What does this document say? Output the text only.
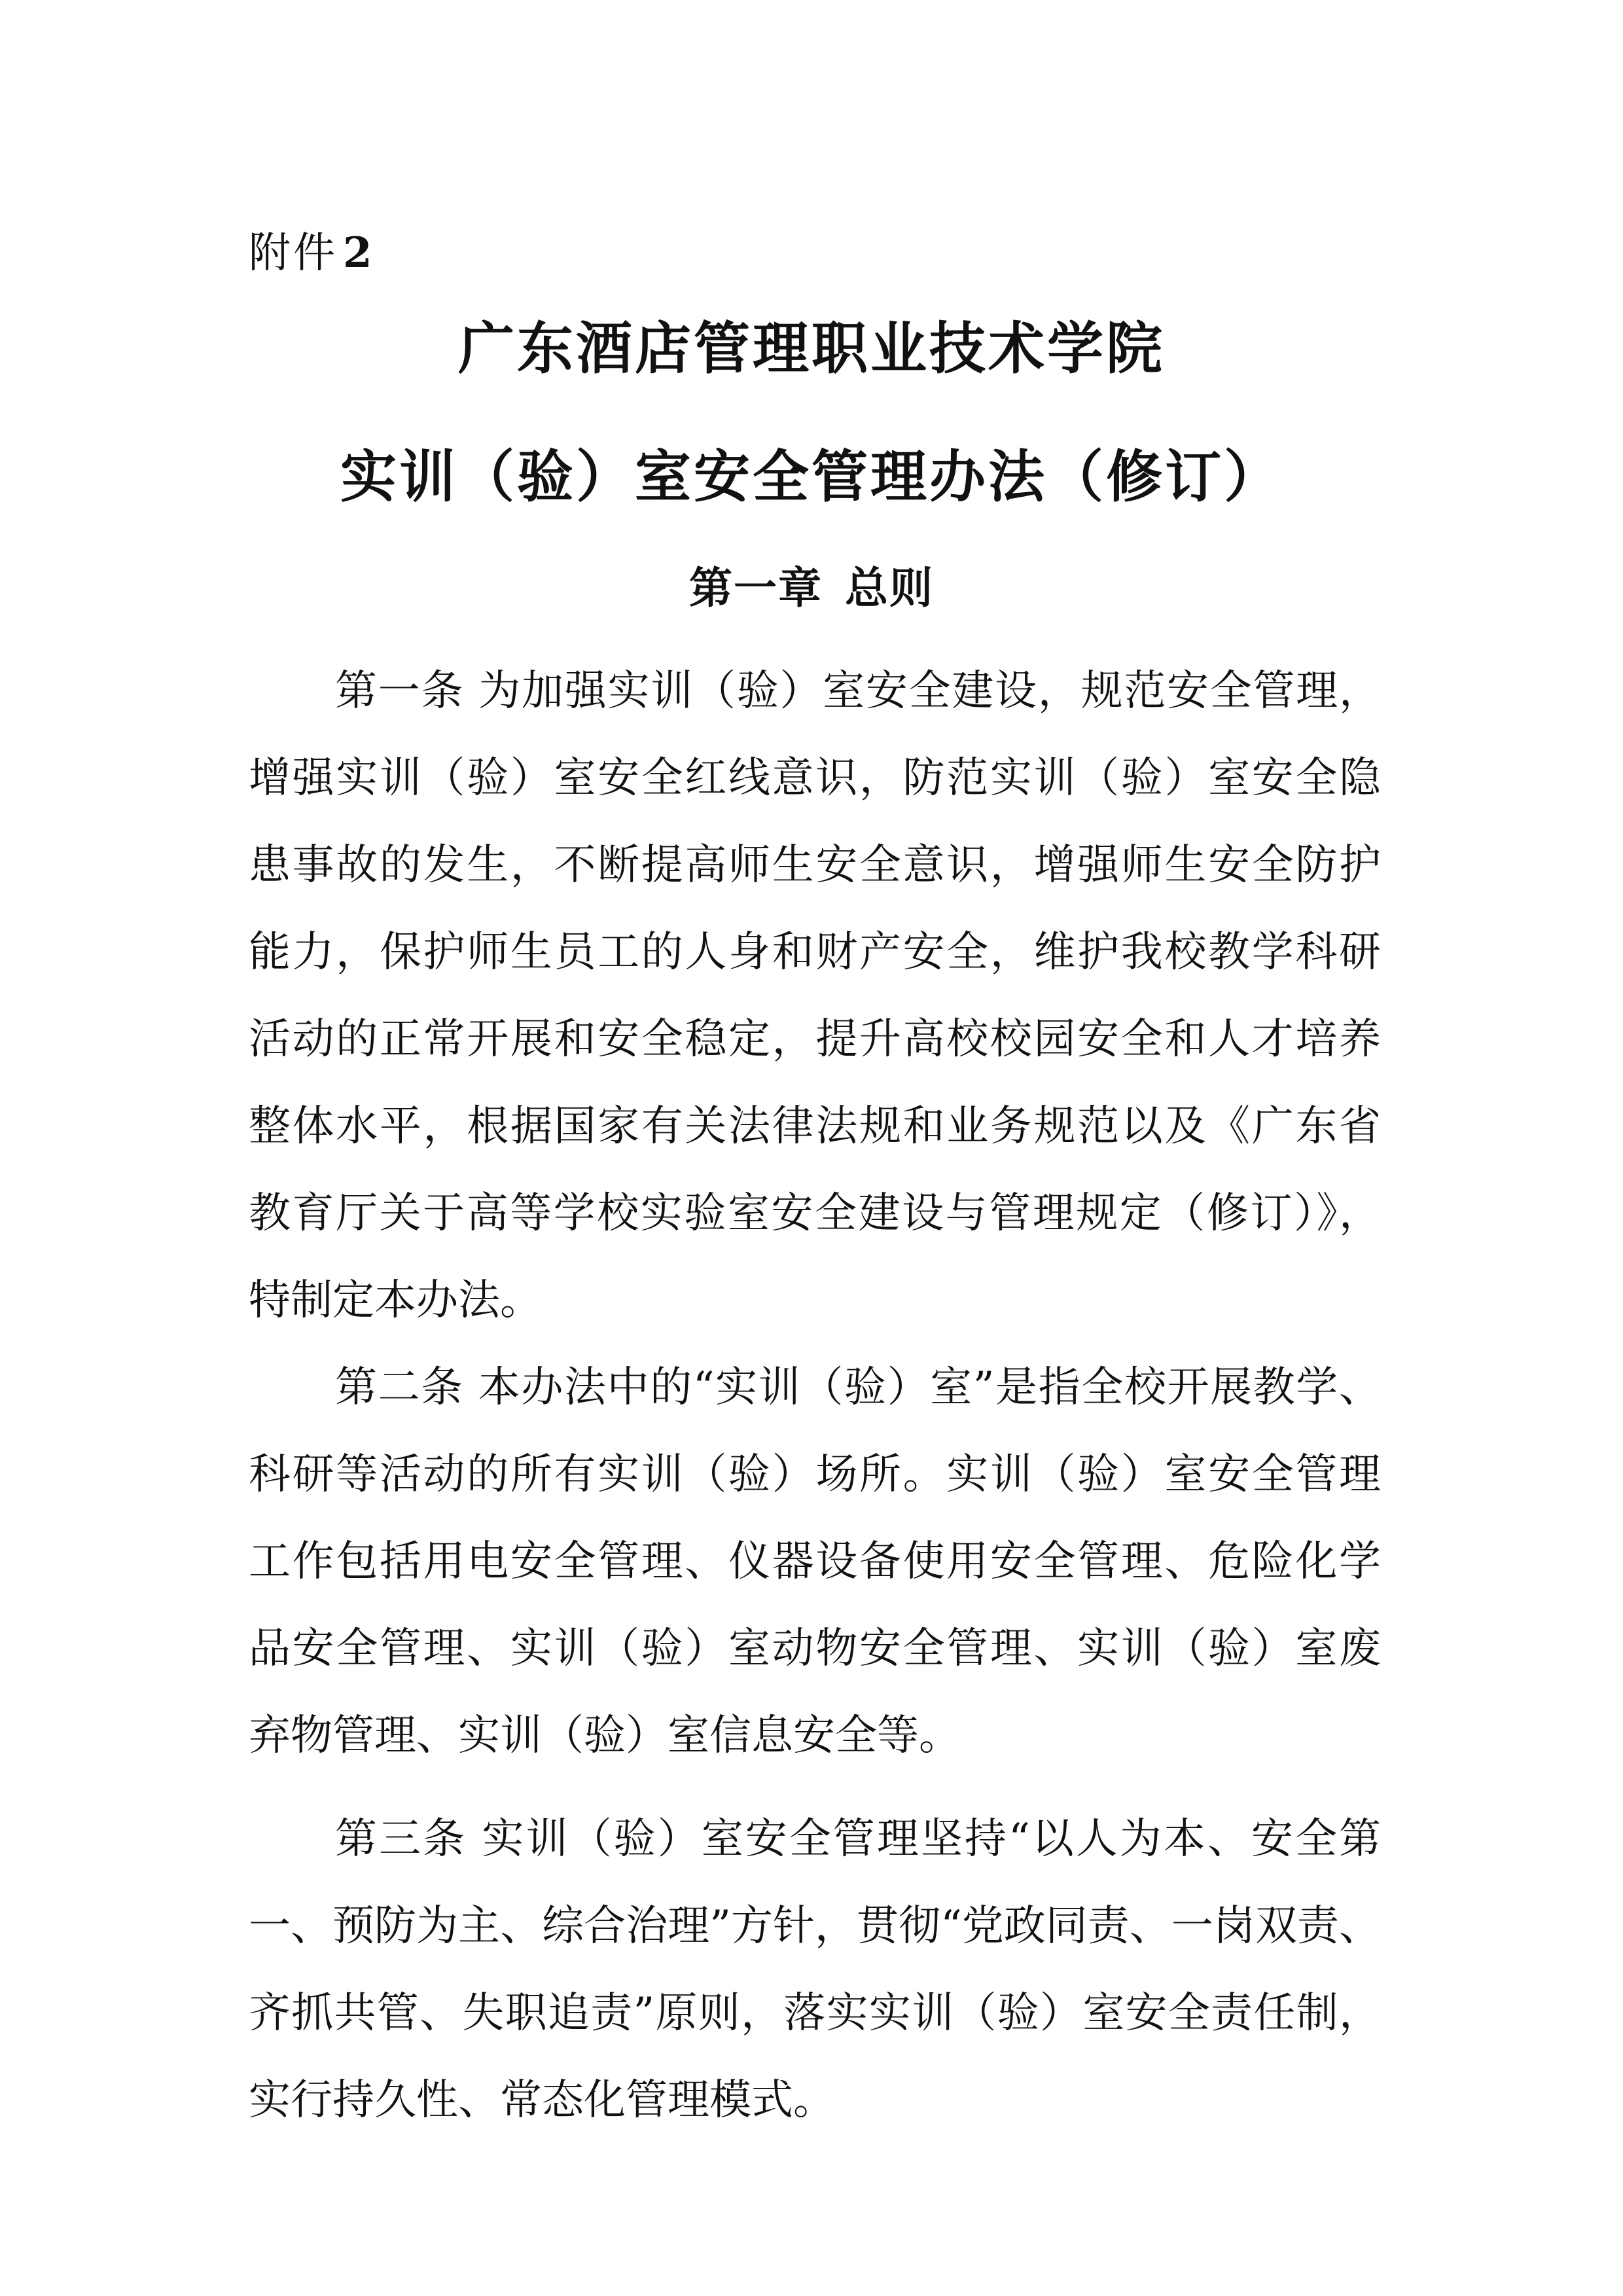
附件 2
广东酒店管理职业技术学院
实训（验）室安全管理办法（修订）
第一章 总则
第一条 为加强实训（验）室安全建设，规范安全管理，
增强实训（验）室安全红线意识，防范实训（验）室安全隐
患事故的发生，不断提高师生安全意识，增强师生安全防护
能力，保护师生员工的人身和财产安全，维护我校教学科研
活动的正常开展和安全稳定，提升高校校园安全和人才培养
整体水平，根据国家有关法律法规和业务规范以及《广东省
教育厅关于高等学校实验室安全建设与管理规定（修订）》，
特制定本办法。
第二条 本办法中的“实训（验）室”是指全校开展教学、
科研等活动的所有实训（验）场所。实训（验）室安全管理
工作包括用电安全管理、仪器设备使用安全管理、危险化学
品安全管理、实训（验）室动物安全管理、实训（验）室废
弃物管理、实训（验）室信息安全等。
第三条 实训（验）室安全管理坚持“以人为本、安全第
一、预防为主、综合治理”方针，贯彻“党政同责、一岗双责、
齐抓共管、失职追责”原则，落实实训（验）室安全责任制，
实行持久性、常态化管理模式。
